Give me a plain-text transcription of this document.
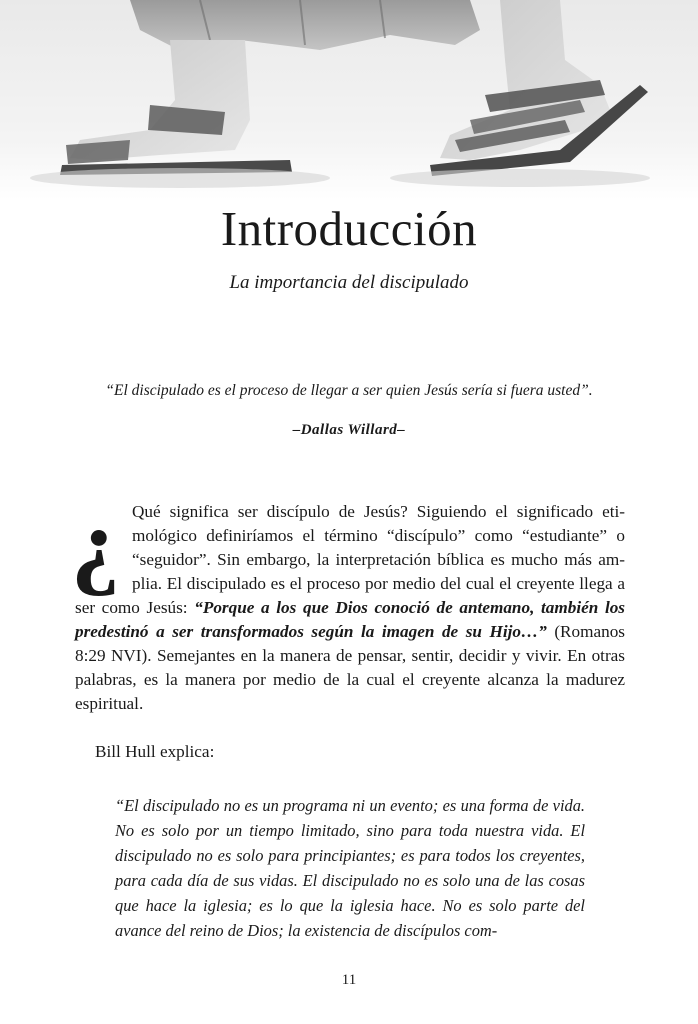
Introducción

La importancia del discipulado

“El discipulado es el proceso de llegar a ser quien Jesús sería si fuera usted”.

–Dallas Willard–

¿ Qué significa ser discípulo de Jesús? Siguiendo el significado etimológico definiríamos el término “discípulo” como “estudiante” o “seguidor”. Sin embargo, la interpretación bíblica es mucho más amplia. El discipulado es el proceso por medio del cual el creyente llega a ser como Jesús: “Porque a los que Dios conoció de antemano, también los predestinó a ser transformados según la imagen de su Hijo…” (Romanos 8:29 NVI). Semejantes en la manera de pensar, sentir, decidir y vivir. En otras palabras, es la manera por medio de la cual el creyente alcanza la madurez espiritual.

Bill Hull explica:

“El discipulado no es un programa ni un evento; es una forma de vida. No es solo por un tiempo limitado, sino para toda nuestra vida. El discipulado no es solo para principiantes; es para todos los creyentes, para cada día de sus vidas. El discipulado no es solo una de las cosas que hace la iglesia; es lo que la iglesia hace. No es solo parte del avance del reino de Dios; la existencia de discípulos com-

11
